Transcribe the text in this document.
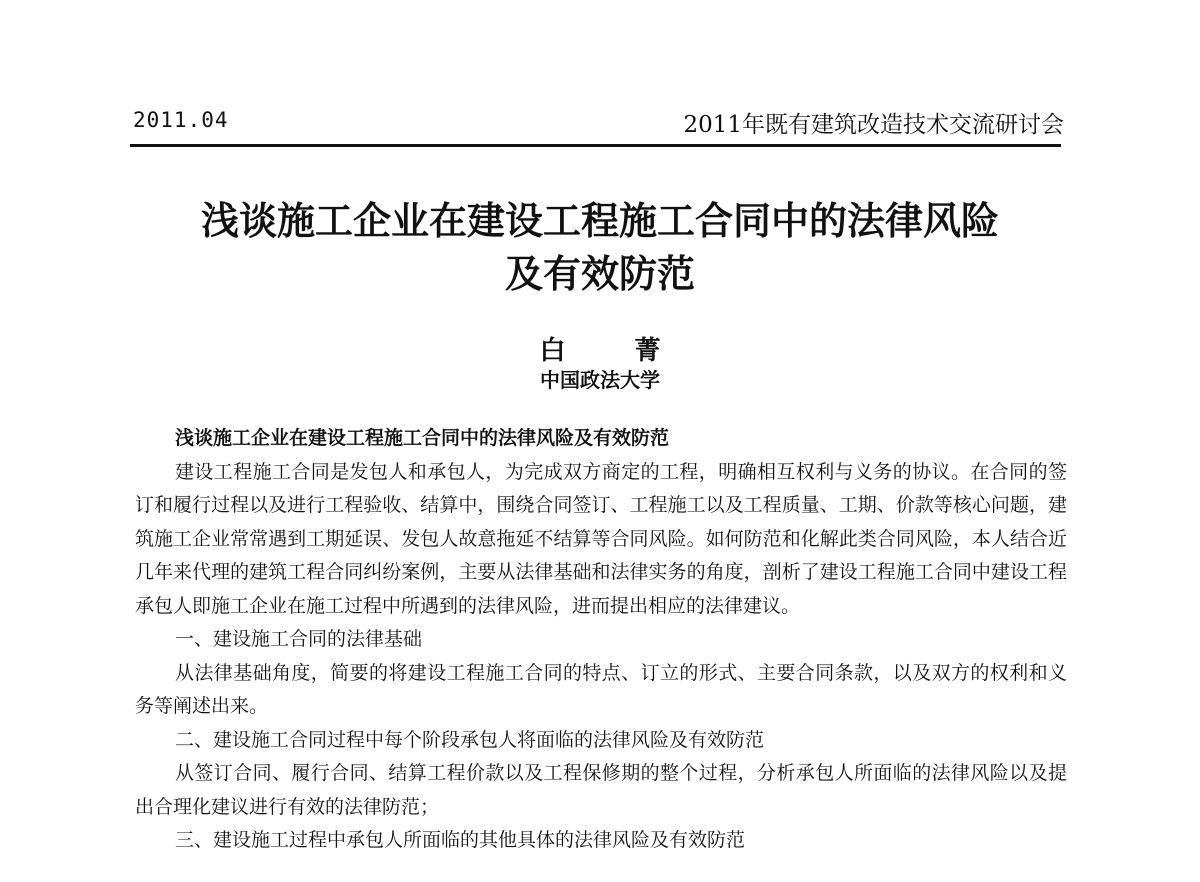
2011.04	2011年既有建筑改造技术交流研讨会
浅谈施工企业在建设工程施工合同中的法律风险
及有效防范
白 菁
中国政法大学

浅谈施工企业在建设工程施工合同中的法律风险及有效防范

建设工程施工合同是发包人和承包人，为完成双方商定的工程，明确相互权利与义务的协议。在合同的签订和履行过程以及进行工程验收、结算中，围绕合同签订、工程施工以及工程质量、工期、价款等核心问题，建筑施工企业常常遇到工期延误、发包人故意拖延不结算等合同风险。如何防范和化解此类合同风险，本人结合近几年来代理的建筑工程合同纠纷案例，主要从法律基础和法律实务的角度，剖析了建设工程施工合同中建设工程承包人即施工企业在施工过程中所遇到的法律风险，进而提出相应的法律建议。

一、建设施工合同的法律基础

从法律基础角度，简要的将建设工程施工合同的特点、订立的形式、主要合同条款，以及双方的权利和义务等阐述出来。

二、建设施工合同过程中每个阶段承包人将面临的法律风险及有效防范

从签订合同、履行合同、结算工程价款以及工程保修期的整个过程，分析承包人所面临的法律风险以及提出合理化建议进行有效的法律防范；

三、建设施工过程中承包人所面临的其他具体的法律风险及有效防范
